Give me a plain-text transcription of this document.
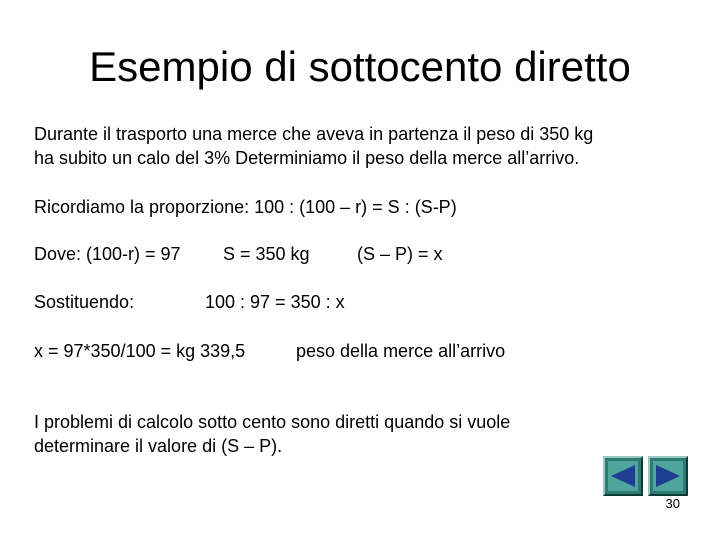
Esempio di sottocento diretto
Durante il trasporto una merce che aveva in partenza il peso di 350 kg
ha subito un calo del 3% Determiniamo il peso della merce all’arrivo.
Ricordiamo la proporzione: 100 : (100 – r) = S : (S-P)
Dove: (100-r) = 97 S = 350 kg	(S – P) = x
Sostituendo:	100 : 97 = 350 : x
x = 97*350/100 = kg 339,5	peso della merce all’arrivo
I problemi di calcolo sotto cento sono diretti quando si vuole
determinare il valore di (S – P).
30
